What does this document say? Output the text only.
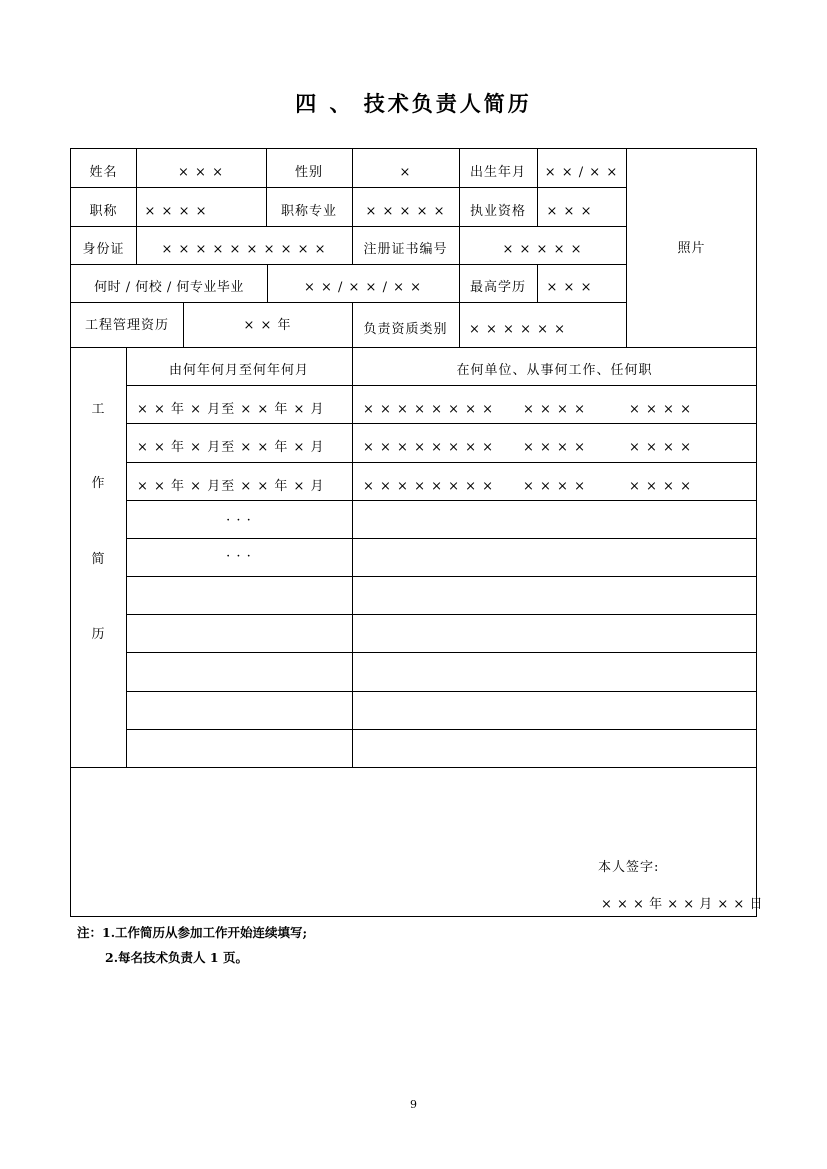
四 、 技术负责人简历
姓名	× × ×	性别	×	出生年月	× × / × ×
照片
职称	× × × ×	职称专业	× × × × ×	执业资格	× × ×
身份证	× × × × × × × × × ×	注册证书编号	× × × × ×
何时 / 何校 / 何专业毕业	× × / × × / × ×	最高学历	× × ×
工程管理资历	× × 年	负责资质类别	× × × × × ×
工
作
简
历
由何年何月至何年何月	在何单位、从事何工作、任何职
× × 年 × 月至 × × 年 × 月	× × × × × × × × × × × ×	× × × ×
× × 年 × 月至 × × 年 × 月	× × × × × × × × × × × ×	× × × ×
× × 年 × 月至 × × 年 × 月	× × × × × × × × × × × ×	× × × ×
· · ·
· · ·
本人签字:
× × × 年 × × 月 × × 日
注：1.工作简历从参加工作开始连续填写;
2.每名技术负责人 1 页。
9
